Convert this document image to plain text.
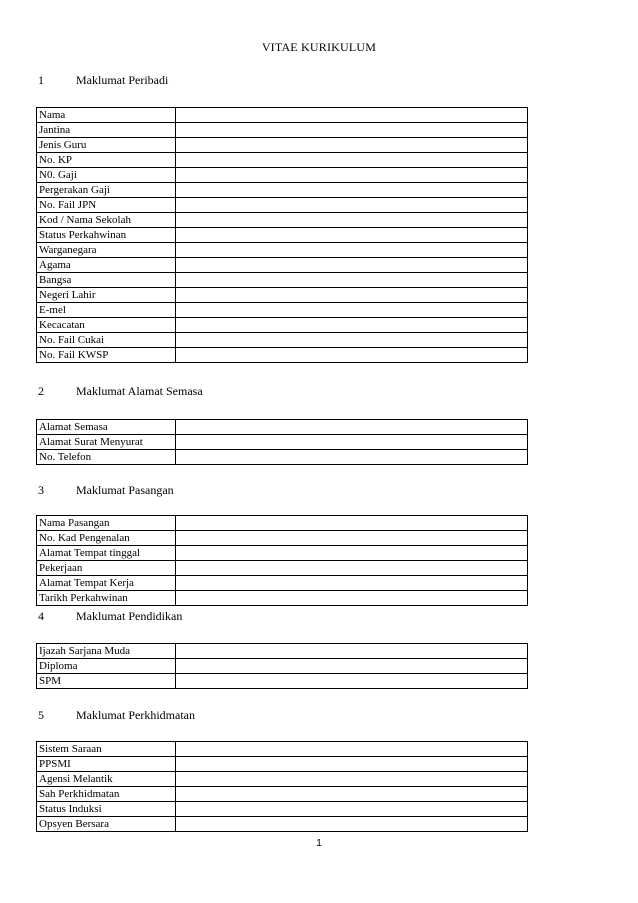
VITAE KURIKULUM
1	Maklumat Peribadi
Nama	
Jantina	
Jenis Guru	
No. KP	
N0. Gaji	
Pergerakan Gaji	
No. Fail JPN	
Kod / Nama Sekolah	
Status Perkahwinan	
Warganegara	
Agama	
Bangsa	
Negeri Lahir	
E-mel	
Kecacatan	
No. Fail Cukai	
No. Fail KWSP	
2	Maklumat Alamat Semasa
Alamat Semasa	
Alamat Surat Menyurat	
No. Telefon	
3	Maklumat Pasangan
Nama Pasangan	
No. Kad Pengenalan	
Alamat Tempat tinggal	
Pekerjaan	
Alamat Tempat Kerja	
Tarikh Perkahwinan	
4	Maklumat Pendidikan
Ijazah Sarjana Muda	
Diploma	
SPM	
5	Maklumat Perkhidmatan
Sistem Saraan	
PPSMI	
Agensi Melantik	
Sah Perkhidmatan	
Status Induksi	
Opsyen Bersara	
1
